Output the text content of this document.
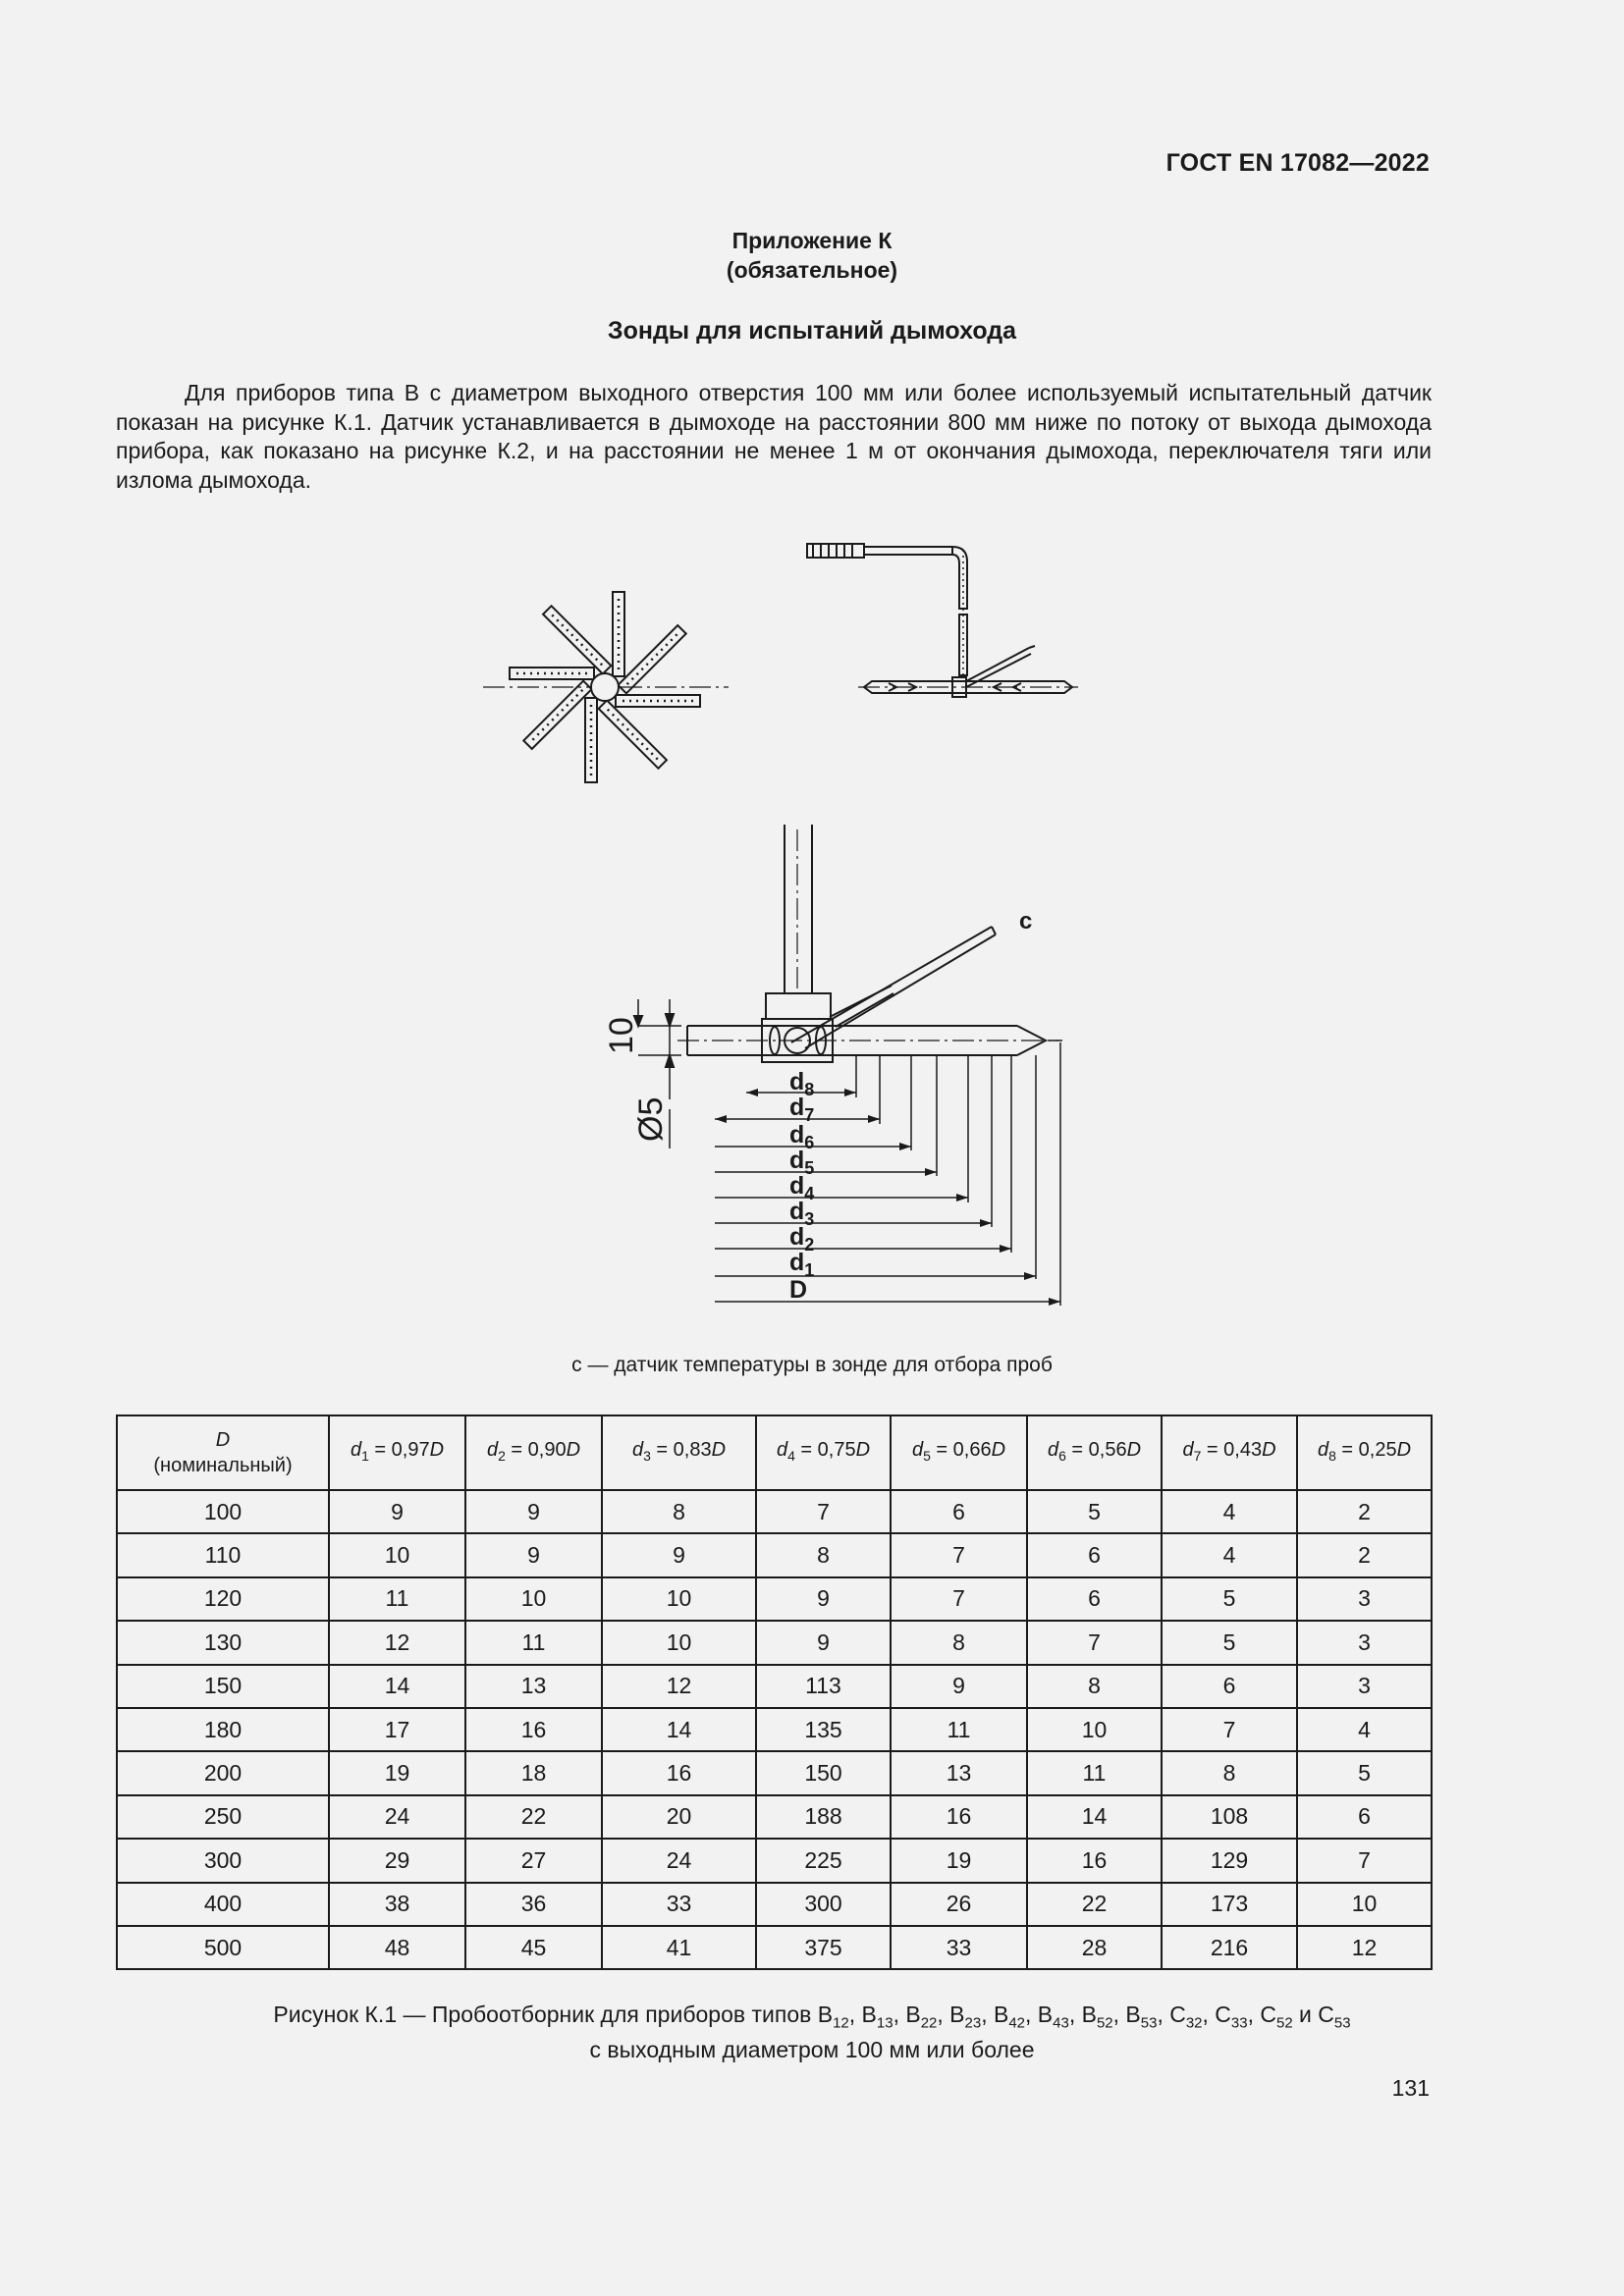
ГОСТ EN 17082—2022
Приложение К
(обязательное)
Зонды для испытаний дымохода

Для приборов типа В с диаметром выходного отверстия 100 мм или более используемый испытательный датчик показан на рисунке К.1. Датчик устанавливается в дымоходе на расстоянии 800 мм ниже по потоку от выхода дымохода прибора, как показано на рисунке К.2, и на расстоянии не менее 1 м от окончания дымохода, переключателя тяги или излома дымохода.

c
10
Ø5
$d_8$
$d_7$
$d_6$
$d_5$
$d_4$
$d_3$
$d_2$
$d_1$
D
c — датчик температуры в зонде для отбора проб
D
(номинальный)	$d_1 = 0,97D$	$d_2 = 0,90D$	$d_3 = 0,83D$	$d_4 = 0,75D$	$d_5 = 0,66D$	$d_6 = 0,56D$	$d_7 = 0,43D$	$d_8 = 0,25D$
100	9	9	8	7	6	5	4	2
110	10	9	9	8	7	6	4	2
120	11	10	10	9	7	6	5	3
130	12	11	10	9	8	7	5	3
150	14	13	12	113	9	8	6	3
180	17	16	14	135	11	10	7	4
200	19	18	16	150	13	11	8	5
250	24	22	20	188	16	14	108	6
300	29	27	24	225	19	16	129	7
400	38	36	33	300	26	22	173	10
500	48	45	41	375	33	28	216	12
Рисунок К.1 — Пробоотборник для приборов типов $В_{12}$, $В_{13}$, $В_{22}$, $В_{23}$, $В_{42}$, $В_{43}$, $В_{52}$, $В_{53}$, $С_{32}$, $С_{33}$, $С_{52}$ и $С_{53}$
с выходным диаметром 100 мм или более
131
